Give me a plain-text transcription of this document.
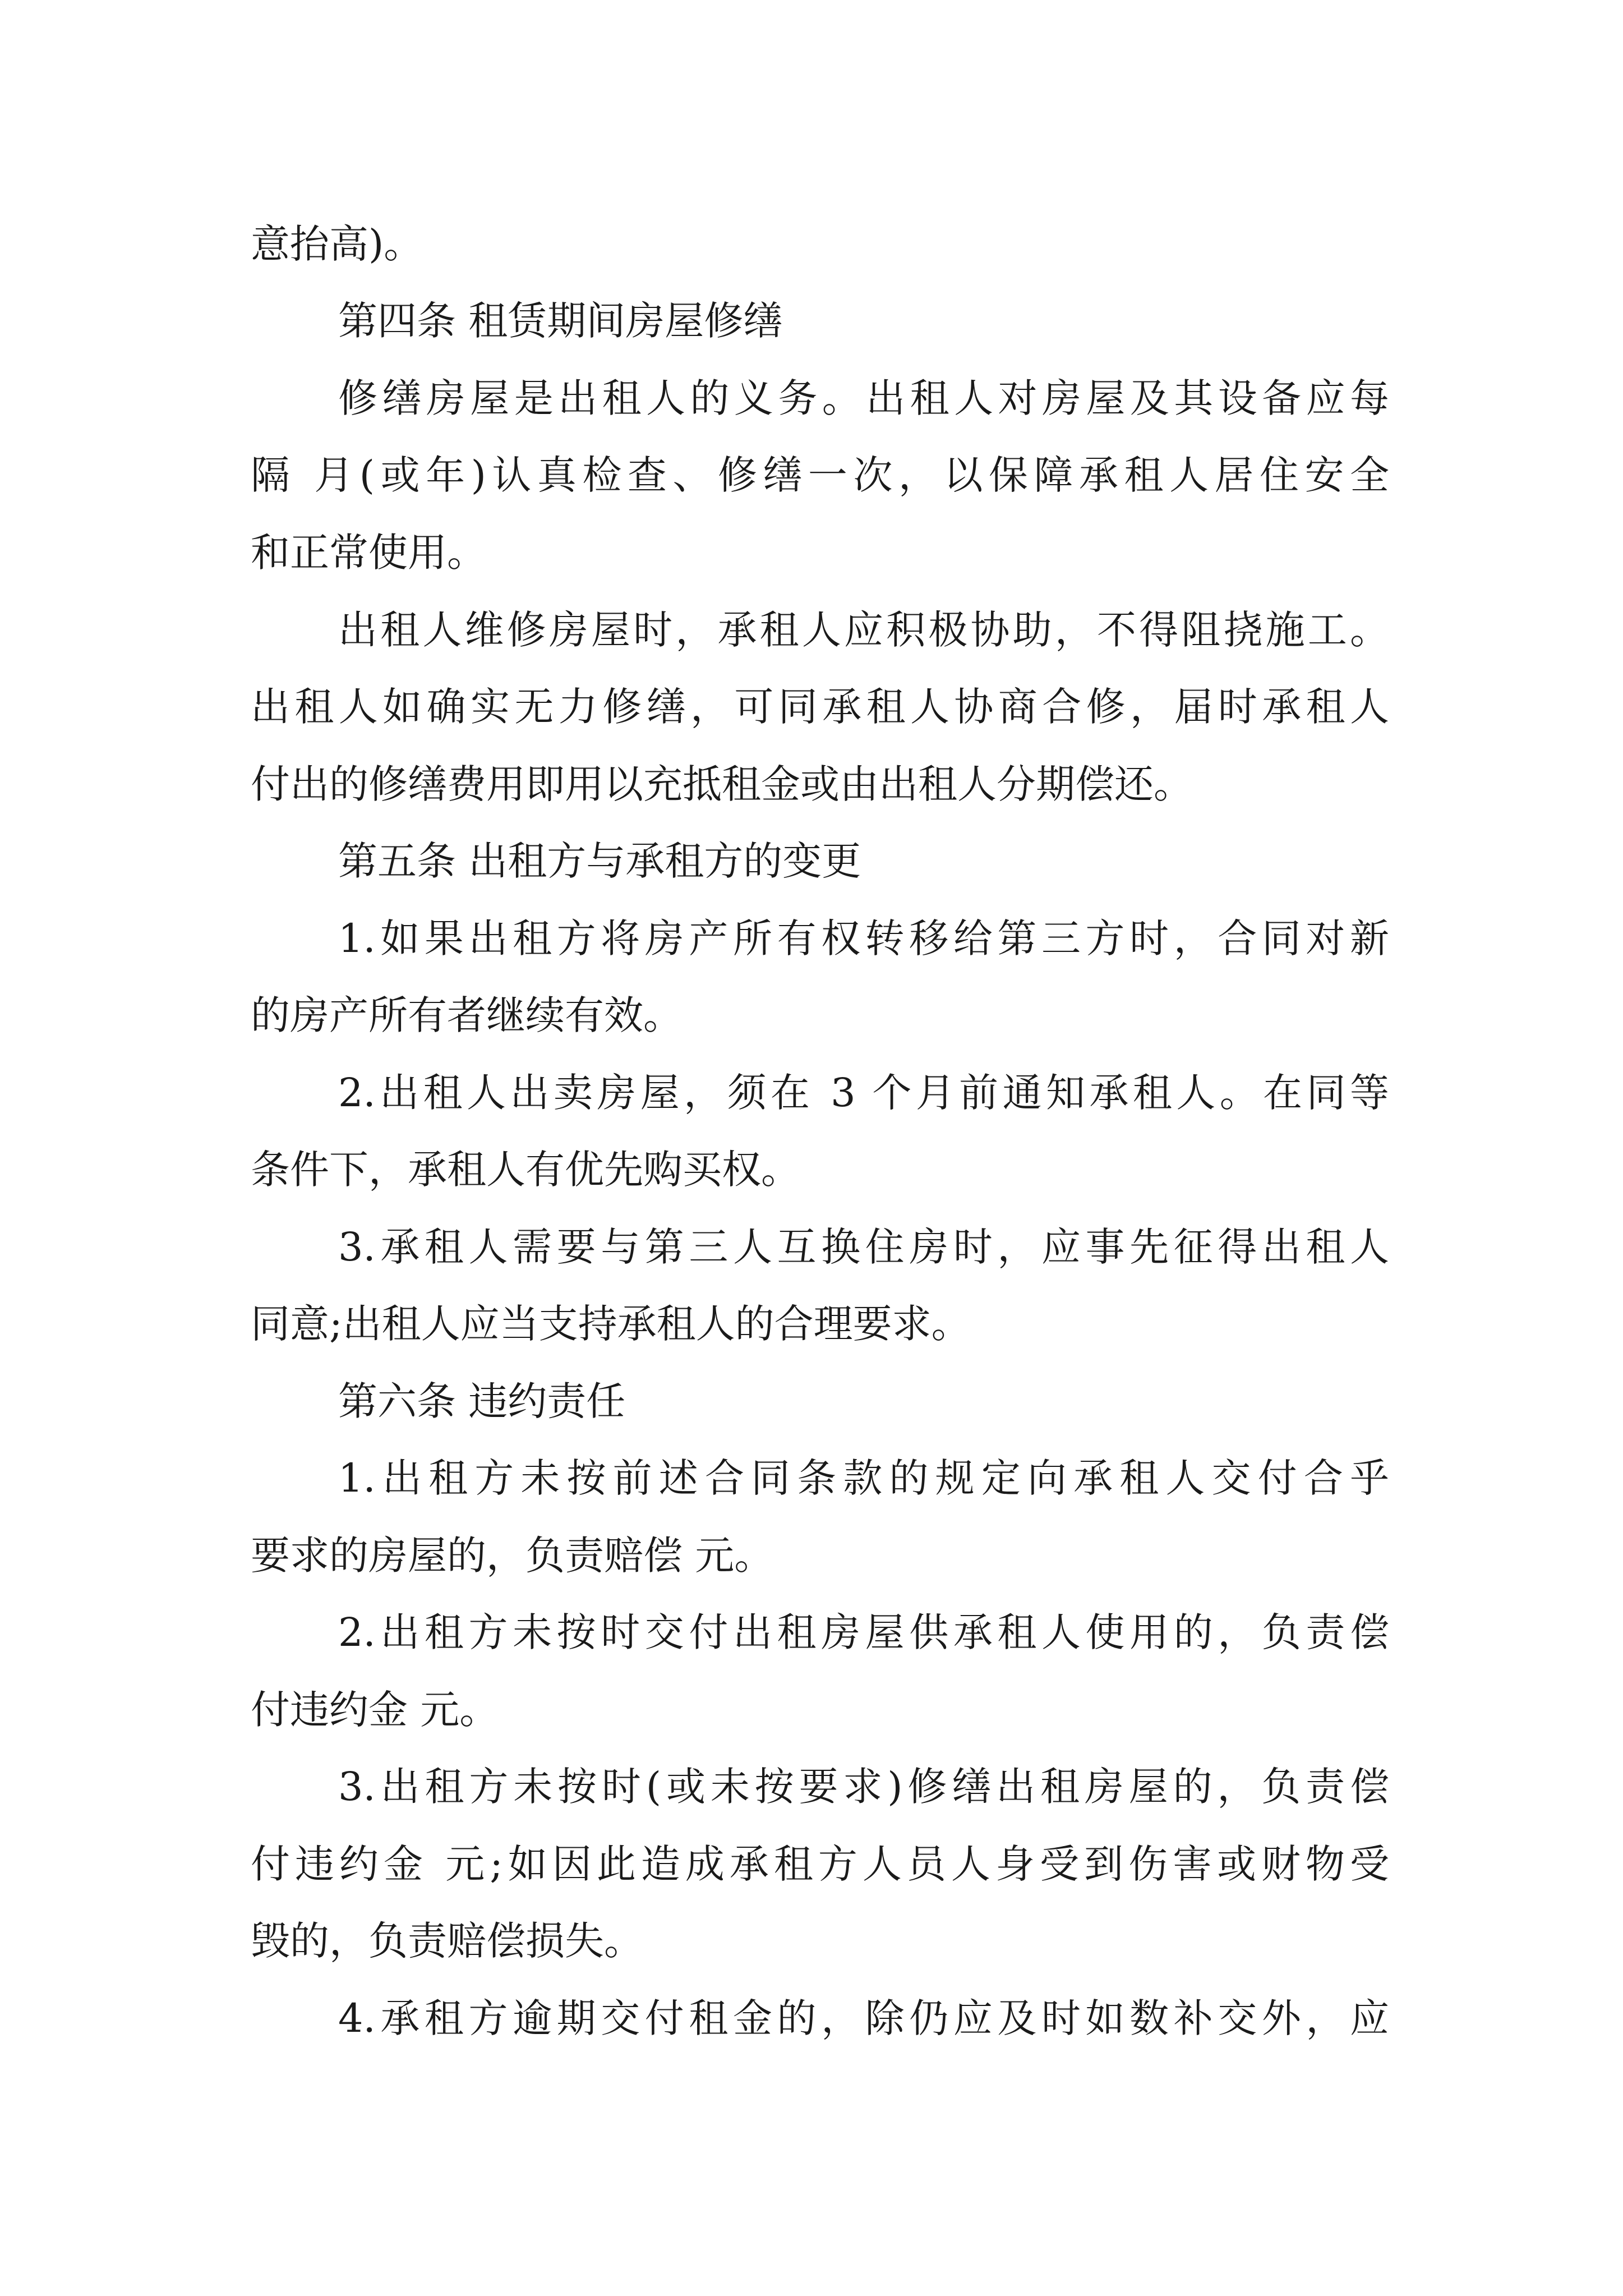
意抬高)。
第四条 租赁期间房屋修缮
修缮房屋是出租人的义务。出租人对房屋及其设备应每
隔 月(或年)认真检查、修缮一次，以保障承租人居住安全
和正常使用。
出租人维修房屋时，承租人应积极协助，不得阻挠施工。
出租人如确实无力修缮，可同承租人协商合修，届时承租人
付出的修缮费用即用以充抵租金或由出租人分期偿还。
第五条 出租方与承租方的变更
1.如果出租方将房产所有权转移给第三方时，合同对新
的房产所有者继续有效。
2.出租人出卖房屋，须在 3 个月前通知承租人。在同等
条件下，承租人有优先购买权。
3.承租人需要与第三人互换住房时，应事先征得出租人
同意;出租人应当支持承租人的合理要求。
第六条 违约责任
1.出租方未按前述合同条款的规定向承租人交付合乎
要求的房屋的，负责赔偿 元。
2.出租方未按时交付出租房屋供承租人使用的，负责偿
付违约金 元。
3.出租方未按时(或未按要求)修缮出租房屋的，负责偿
付违约金 元;如因此造成承租方人员人身受到伤害或财物受
毁的，负责赔偿损失。
4.承租方逾期交付租金的，除仍应及时如数补交外，应
